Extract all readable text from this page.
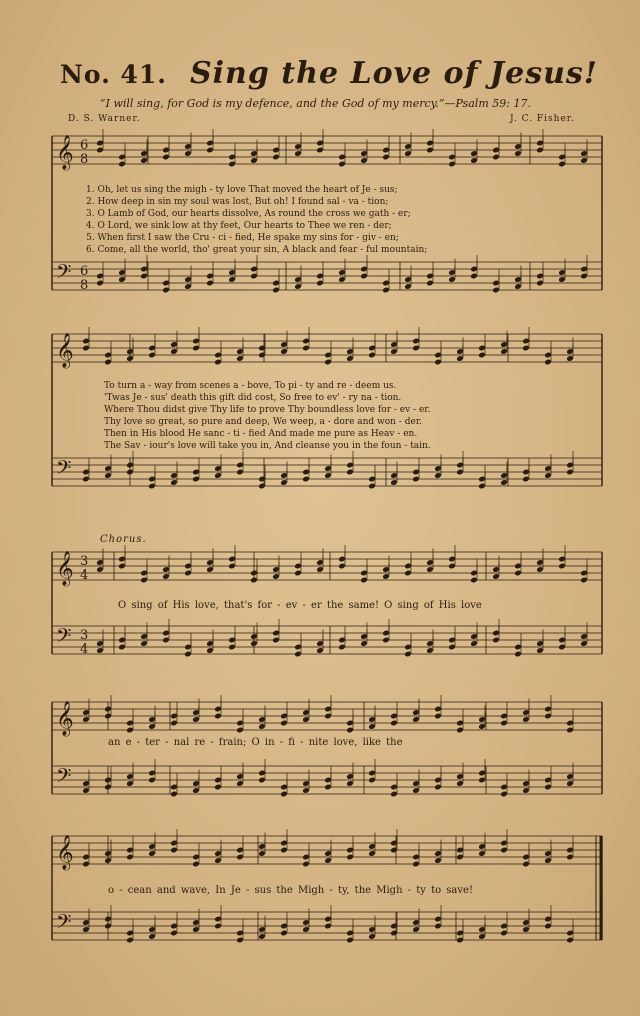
No. 41. Sing the Love of Jesus!
“I will sing, for God is my defence, and the God of my mercy.”—Psalm 59: 17.
D. S. Warner.	J. C. Fisher.
𝄞
𝄢
6
8
6
8
𝄞
𝄢
𝄞
𝄢
3
4
3
4
𝄞
𝄢
𝄞
𝄢
1. Oh, let us sing the migh - ty love That moved the heart of Je - sus;
2. How deep in sin my soul was lost, But oh! I found sal - va - tion;
3. O Lamb of God, our hearts dissolve, As round the cross we gath - er;
4. O Lord, we sink low at thy feet, Our hearts to Thee we ren - der;
5. When first I saw the Cru - ci - fied, He spake my sins for - giv - en;
6. Come, all the world, tho' great your sin, A black and fear - ful mountain;
To turn a - way from scenes a - bove, To pi - ty and re - deem us.
'Twas Je - sus' death this gift did cost, So free to ev' - ry na - tion.
Where Thou didst give Thy life to prove Thy boundless love for - ev - er.
Thy love so great, so pure and deep, We weep, a - dore and won - der.
Then in His blood He sanc - ti - fied And made me pure as Heav - en.
The Sav - iour's love will take you in, And cleanse you in the foun - tain.
Chorus.
O sing of His love, that's for - ev - er the same! O sing of His love
an e - ter - nal re - frain; O in - fi - nite love, like the
o - cean and wave, In Je - sus the Migh - ty, the Migh - ty to save!
